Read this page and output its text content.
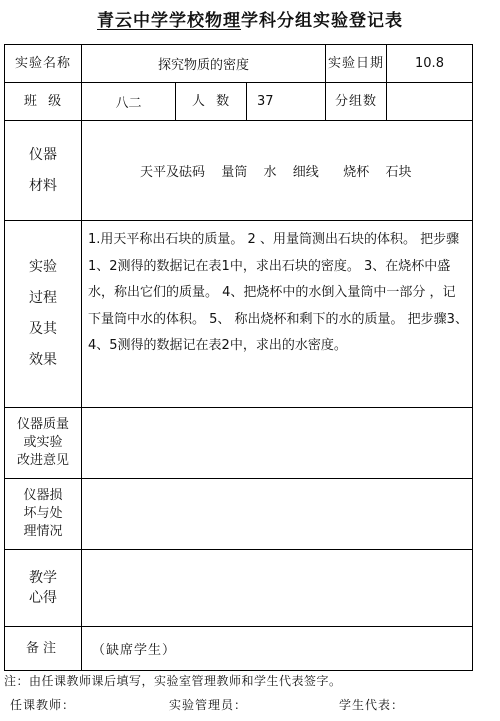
青云中学学校物理学科分组实验登记表
实验名称	探究物质的密度			实验日期	10.8
班  级	八二	人  数	37	分组数	

仪器
材料	天平及砝码  量筒  水  细线   烧杯  石块				

实验
过程
及其
效果	1.用天平称出石块的质量。 2 、用量筒测出石块的体积。 把步骤1、2测得的数据记在表1中，求出石块的密度。 3、在烧杯中盛水，称出它们的质量。 4、把烧杯中的水倒入量筒中一部分 ，记下量筒中水的体积。 5、 称出烧杯和剩下的水的质量。 把步骤3、4、5测得的数据记在表2中，求出的水密度。				

仪器质量
或实验
改进意见					

仪器损
坏与处
理情况					

教学
心得					

备注	（缺席学生）				
注：由任课教师课后填写，实验室管理教师和学生代表签字。
任课教师：	实验管理员：	学生代表：
